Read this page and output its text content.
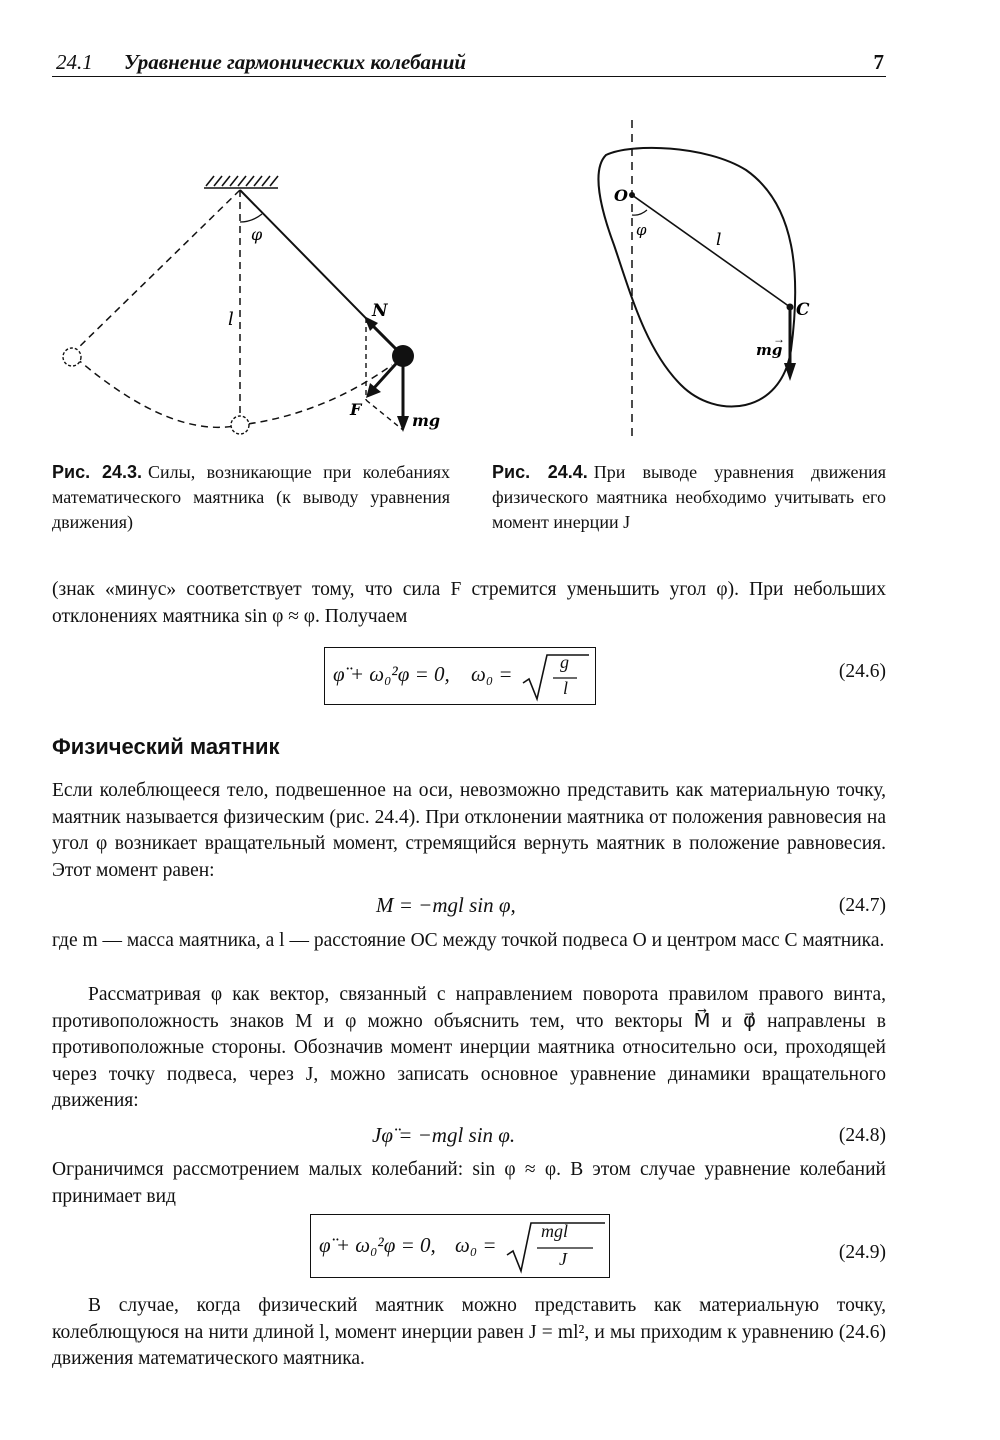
24.1 Уравнение гармонических колебаний	7
φ
l	N
F
mg
Рис. 24.3. Силы, возникающие при колебаниях математического маятника (к выводу уравнения движения)
O
φ	l
C
mg
→
Рис. 24.4. При выводе уравнения движения физического маятника необходимо учитывать его момент инерции J
(знак «минус» соответствует тому, что сила F стремится уменьшить угол φ). При небольших отклонениях маятника sin φ ≈ φ. Получаем
φ̈ + ω₀²φ = 0, ω₀ =	g
l
(24.6)
Физический маятник
Если колеблющееся тело, подвешенное на оси, невозможно представить как материальную точку, маятник называется физическим (рис. 24.4). При отклонении маятника от положения равновесия на угол φ возникает вращательный момент, стремящийся вернуть маятник в положение равновесия. Этот момент равен:
M = −mgl sin φ,	(24.7)
где m — масса маятника, a l — расстояние OC между точкой подвеса O и центром масс C маятника.
Рассматривая φ как вектор, связанный с направлением поворота правилом правого винта, противоположность знаков M и φ можно объяснить тем, что векторы M⃗ и φ⃗ направлены в противоположные стороны. Обозначив момент инерции маятника относительно оси, проходящей через точку подвеса, через J, можно записать основное уравнение динамики вращательного движения:
Jφ̈ = −mgl sin φ.	(24.8)
Ограничимся рассмотрением малых колебаний: sin φ ≈ φ. В этом случае уравнение колебаний принимает вид
φ̈ + ω₀²φ = 0, ω₀ =
mgl
J	(24.9)
В случае, когда физический маятник можно представить как материальную точку, колеблющуюся на нити длиной l, момент инерции равен J = ml², и мы приходим к уравнению (24.6) движения математического маятника.
